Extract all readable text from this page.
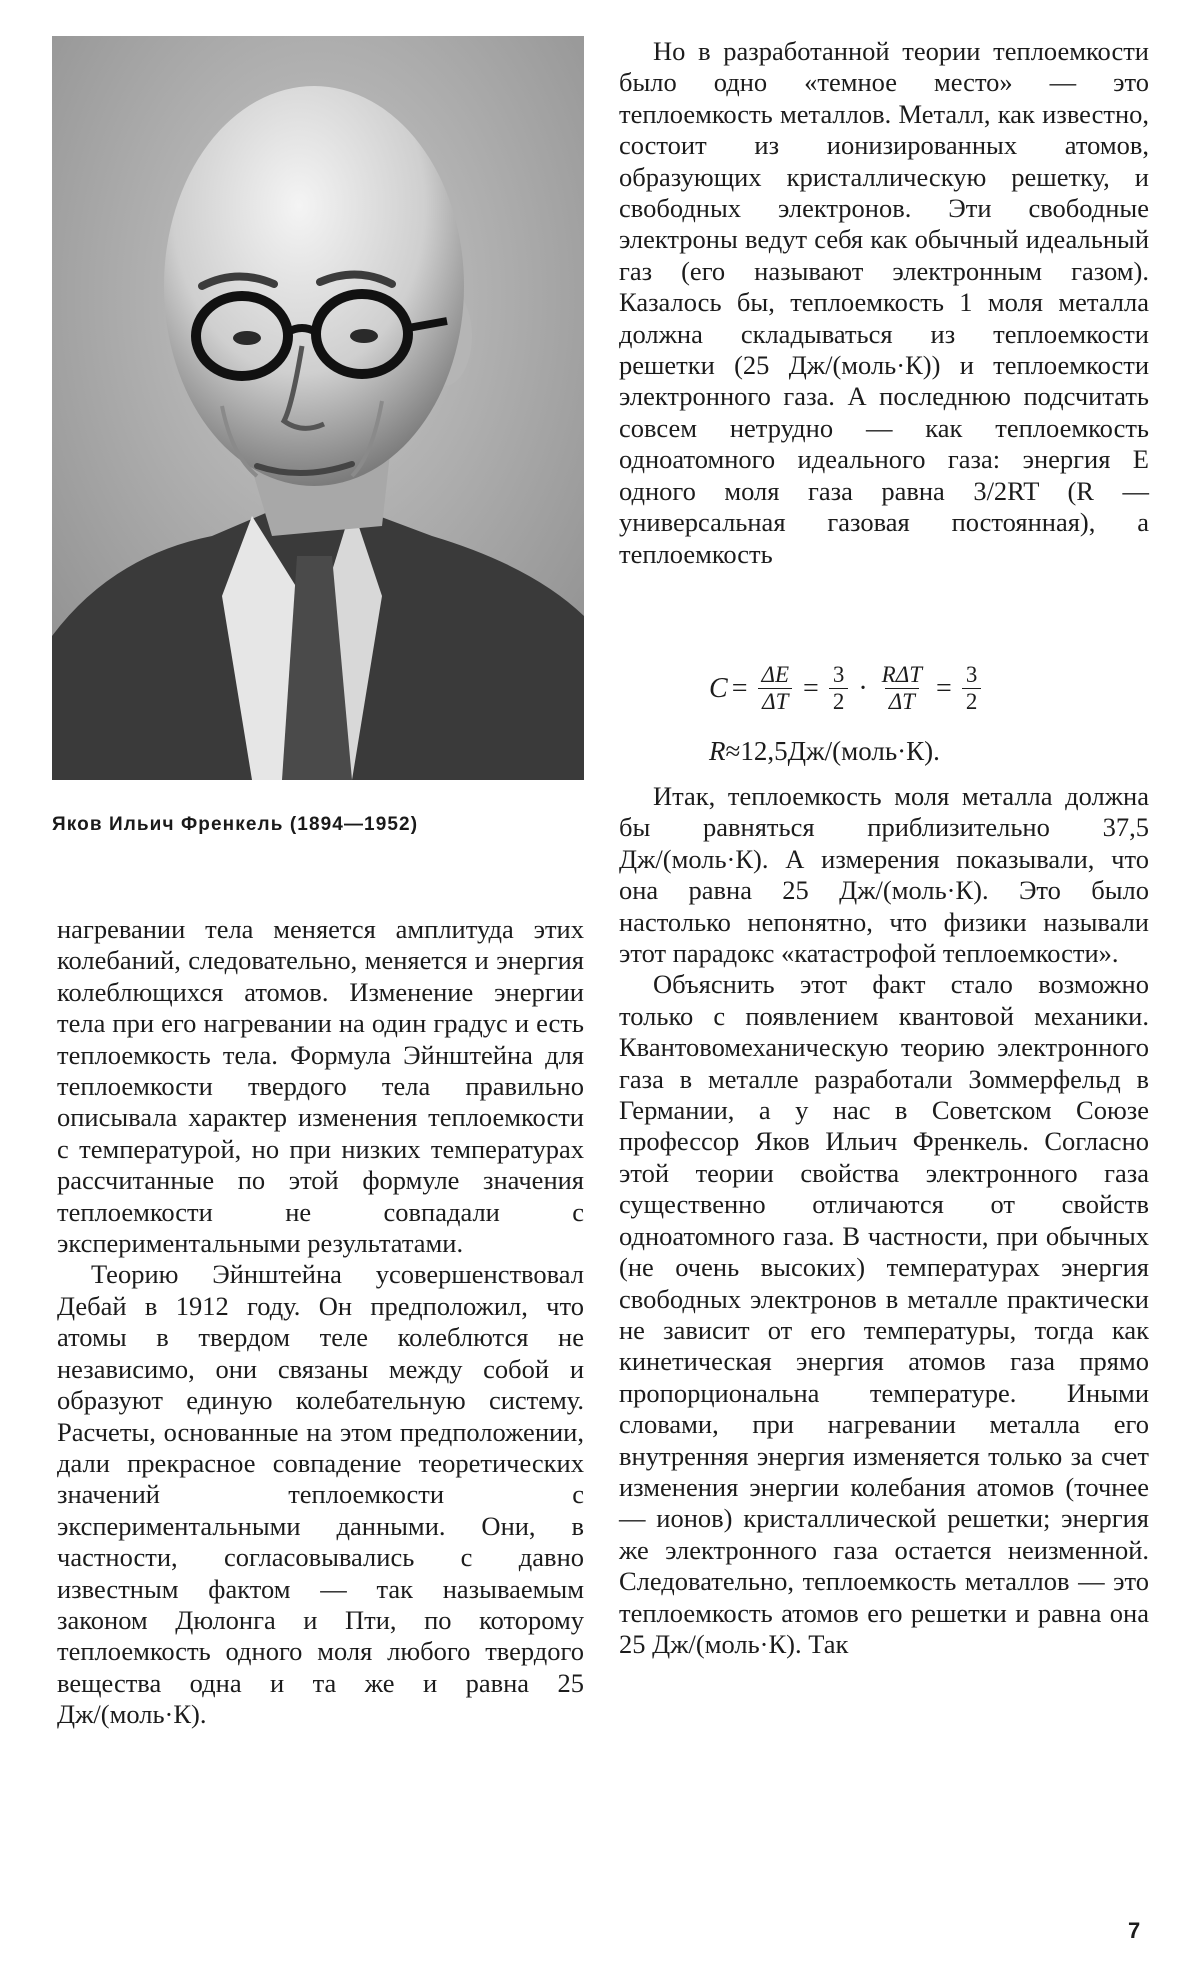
Яков Ильич Френкель (1894—1952)

нагревании тела меняется амплитуда этих колебаний, следовательно, меняется и энергия колеблющихся атомов. Изменение энергии тела при его нагревании на один градус и есть теплоемкость тела. Формула Эйнштейна для теплоемкости твердого тела правильно описывала характер изменения теплоемкости с температурой, но при низких температурах рассчитанные по этой формуле значения теплоемкости не совпадали с экспериментальными результатами.

Теорию Эйнштейна усовершенствовал Дебай в 1912 году. Он предположил, что атомы в твердом теле колеблются не независимо, они связаны между собой и образуют единую колебательную систему. Расчеты, основанные на этом предположении, дали прекрасное совпадение теоретических значений теплоемкости с экспериментальными данными. Они, в частности, согласовывались с давно известным фактом — так называемым законом Дюлонга и Пти, по которому теплоемкость одного моля любого твердого вещества одна и та же и равна 25 Дж/(моль·К).

Но в разработанной теории теплоемкости было одно «темное место» — это теплоемкость металлов. Металл, как известно, состоит из ионизированных атомов, образующих кристаллическую решетку, и свободных электронов. Эти свободные электроны ведут себя как обычный идеальный газ (его называют электронным газом). Казалось бы, теплоемкость 1 моля металла должна складываться из теплоемкости решетки (25 Дж/(моль·К)) и теплоемкости электронного газа. А последнюю подсчитать совсем нетрудно — как теплоемкость одноатомного идеального газа: энергия E одного моля газа равна 3/2RT (R — универсальная газовая постоянная), а теплоемкость

$C = \frac{\Delta E}{\Delta T} = \frac{3}{2} \cdot \frac{\text{RΔT}}{\Delta T} = \frac{3}{2}$
R≈12,5Дж/(моль·К).

Итак, теплоемкость моля металла должна бы равняться приблизительно 37,5 Дж/(моль·К). А измерения показывали, что она равна 25 Дж/(моль·К). Это было настолько непонятно, что физики называли этот парадокс «катастрофой теплоемкости».

Объяснить этот факт стало возможно только с появлением квантовой механики. Квантовомеханическую теорию электронного газа в металле разработали Зоммерфельд в Германии, а у нас в Советском Союзе профессор Яков Ильич Френкель. Согласно этой теории свойства электронного газа существенно отличаются от свойств одноатомного газа. В частности, при обычных (не очень высоких) температурах энергия свободных электронов в металле практически не зависит от его температуры, тогда как кинетическая энергия атомов газа прямо пропорциональна температуре. Иными словами, при нагревании металла его внутренняя энергия изменяется только за счет изменения энергии колебания атомов (точнее — ионов) кристаллической решетки; энергия же электронного газа остается неизменной. Следовательно, теплоемкость металлов — это теплоемкость атомов его решетки и равна она 25 Дж/(моль·К). Так

7
